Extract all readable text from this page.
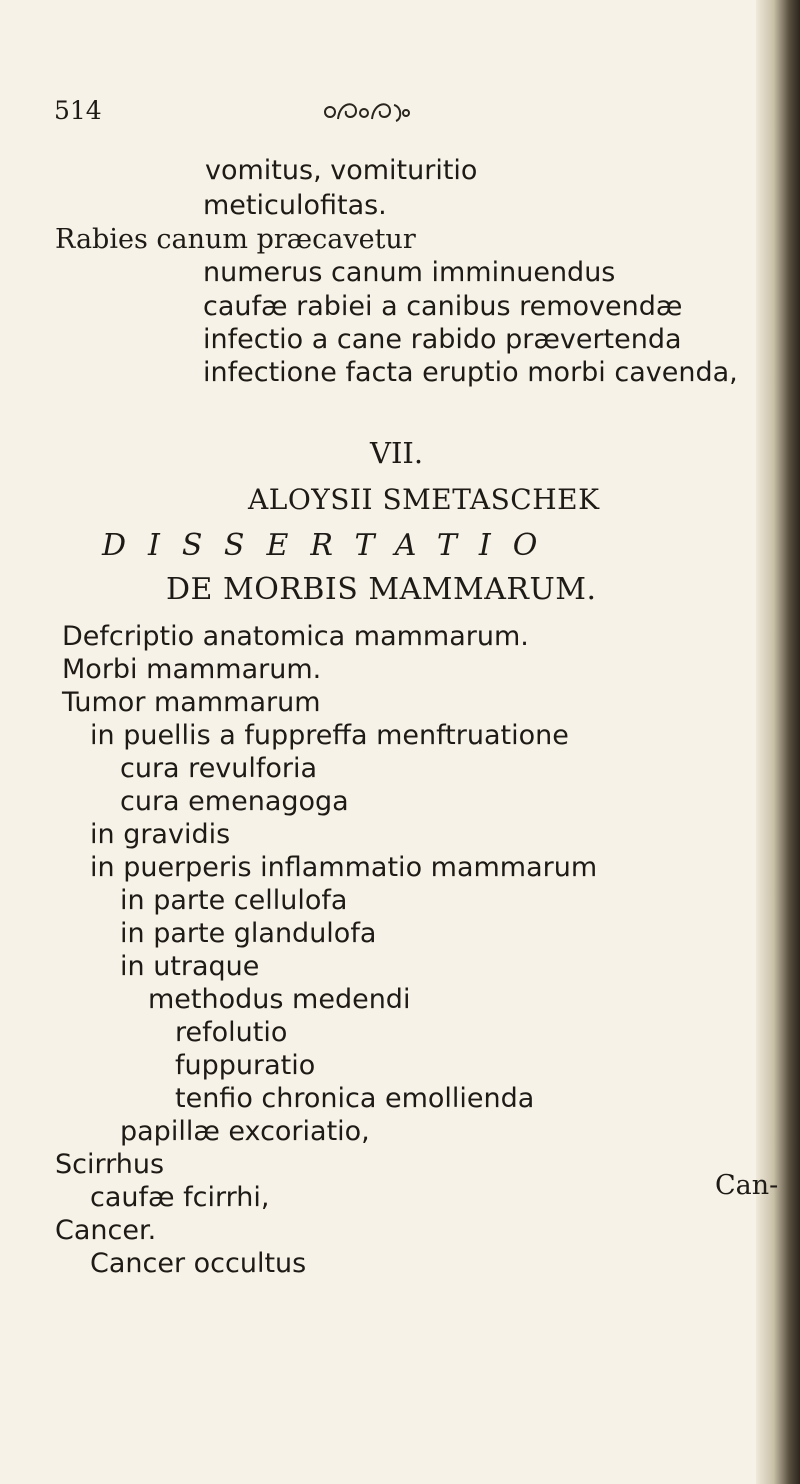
514
vomitus, vomituritio
meticulofitas.
Rabies canum præcavetur
numerus canum imminuendus
caufæ rabiei a canibus removendæ
infectio a cane rabido prævertenda
infectione facta eruptio morbi cavenda,
VII.
ALOYSII SMETASCHEK
DISSERTATIO
DE MORBIS MAMMARUM.
Defcriptio anatomica mammarum.
Morbi mammarum.
Tumor mammarum
in puellis a fuppreffa menftruatione
cura revulforia
cura emenagoga
in gravidis
in puerperis inflammatio mammarum
in parte cellulofa
in parte glandulofa
in utraque
methodus medendi
refolutio
fuppuratio
tenfio chronica emollienda
papillæ excoriatio,
Scirrhus
caufæ fcirrhi,
Cancer.
Cancer occultus
Can-
